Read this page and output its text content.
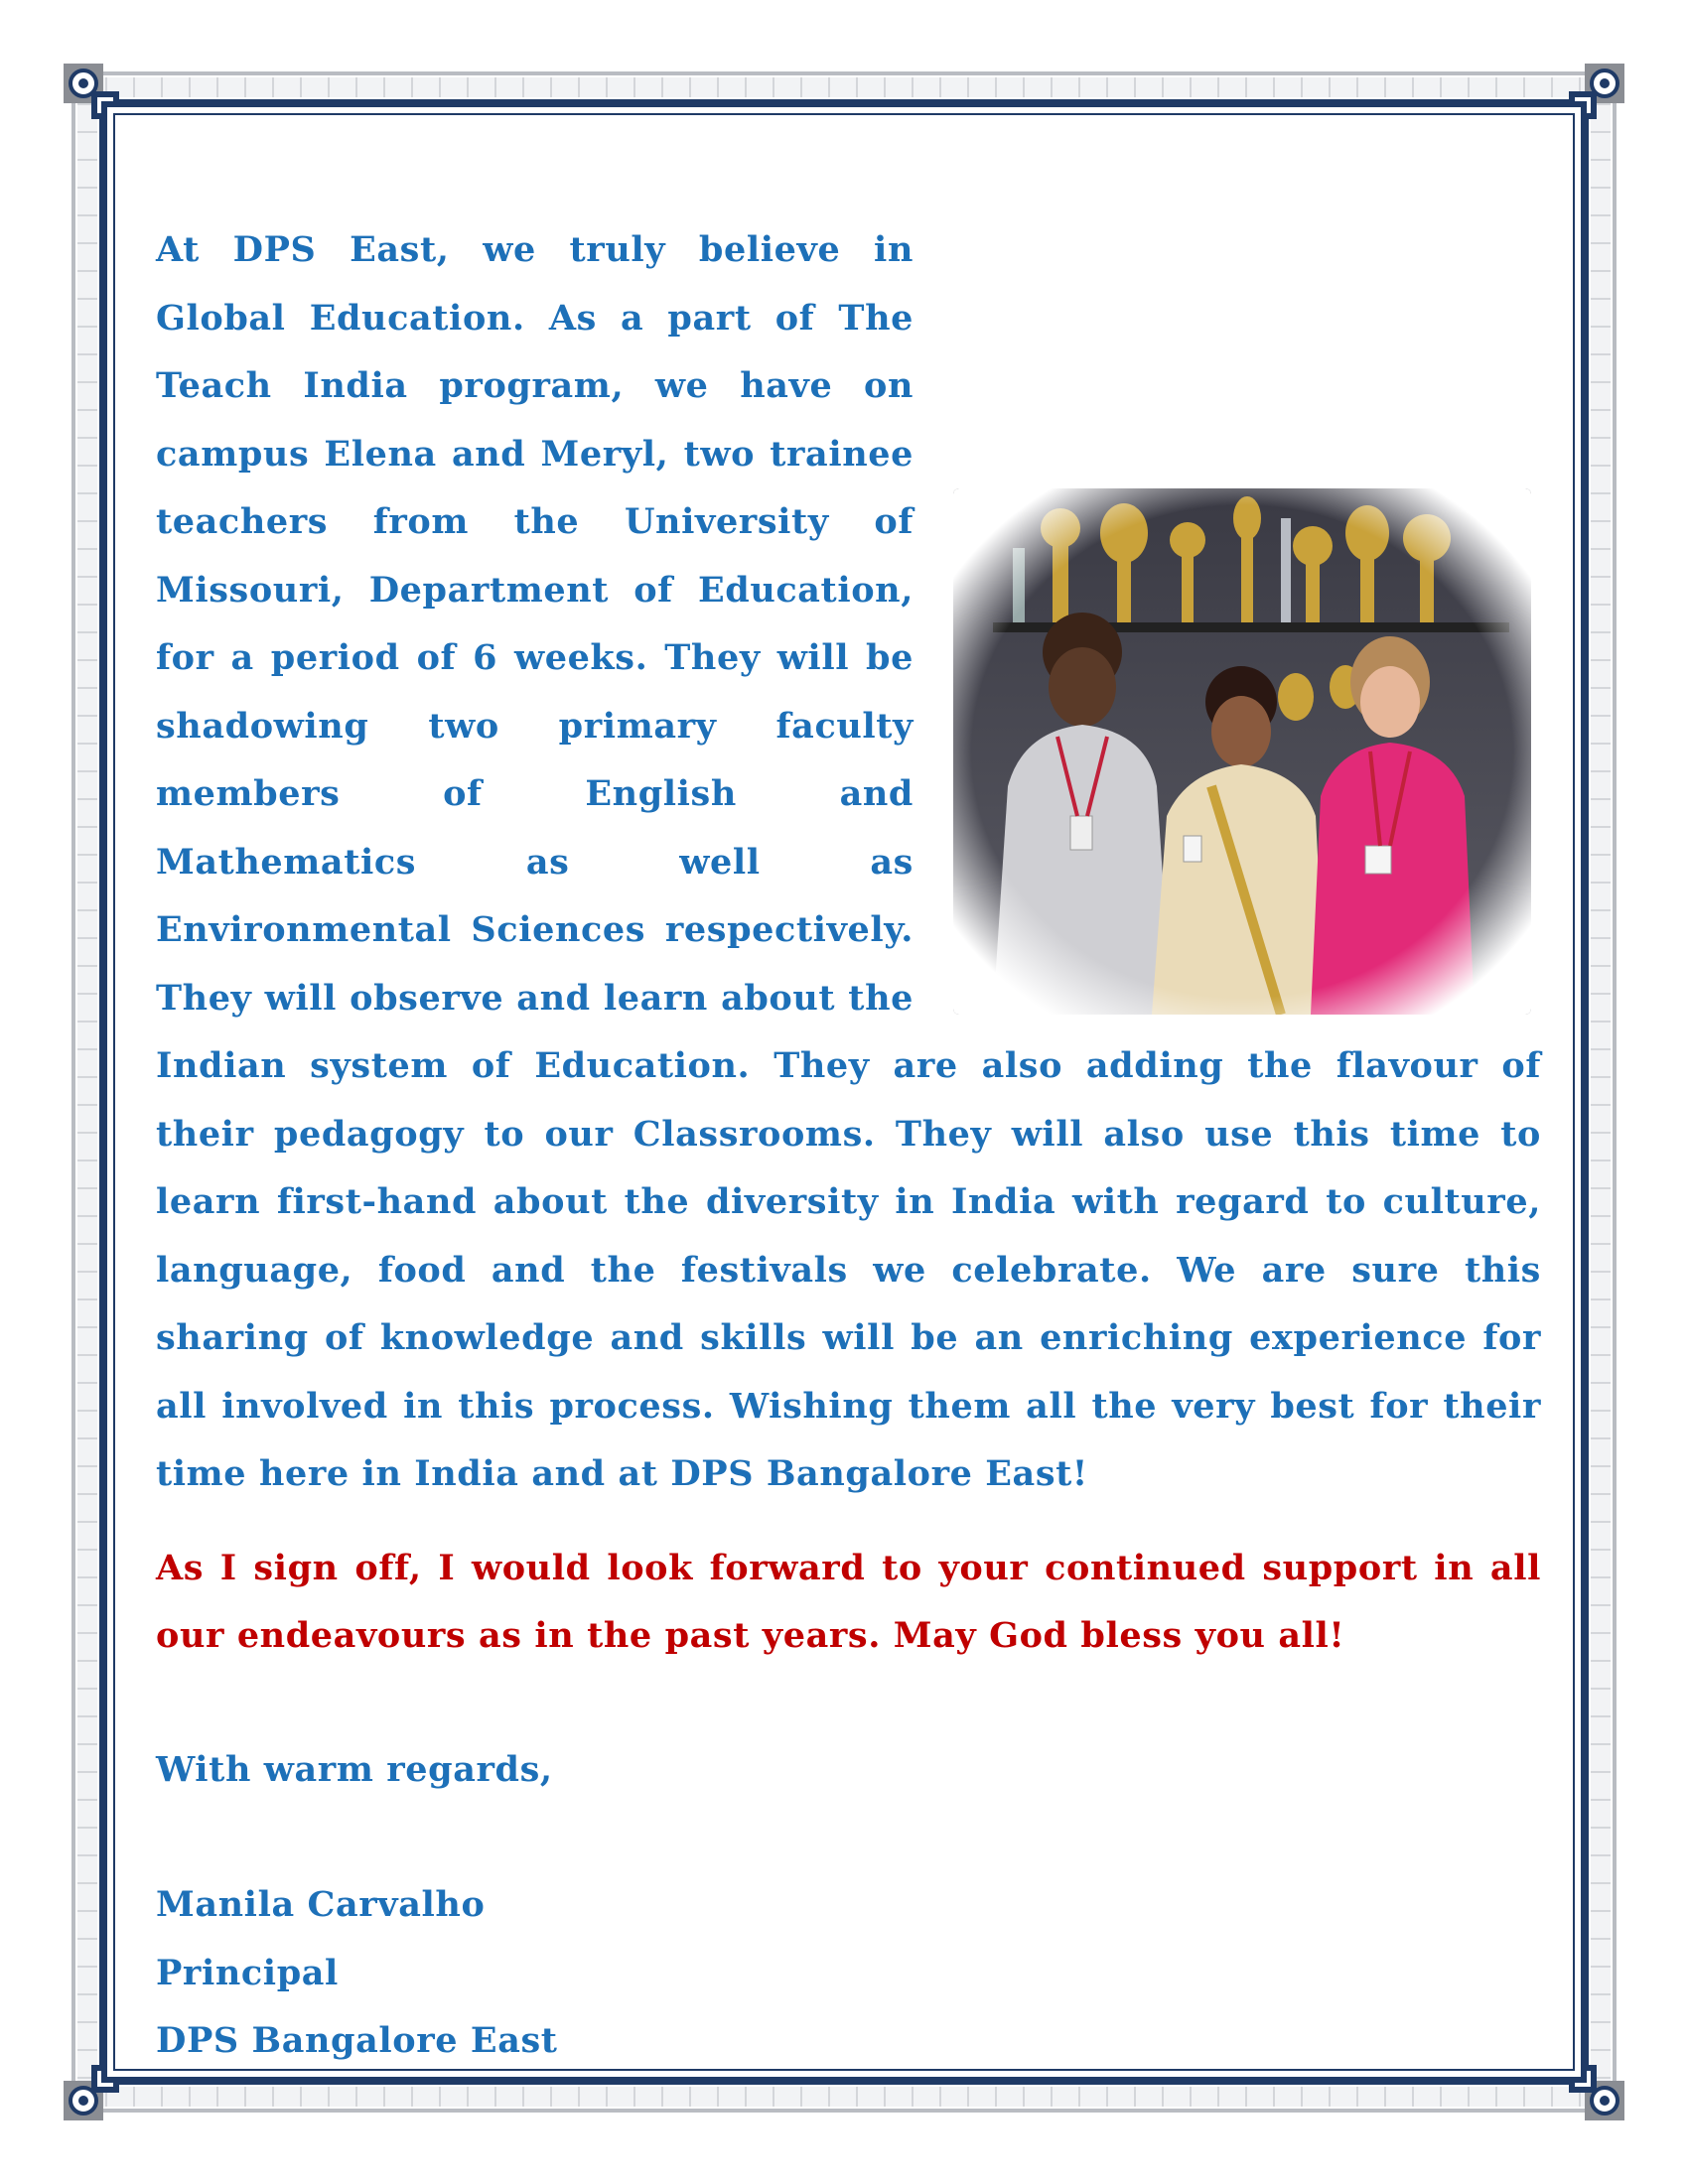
At DPS East, we truly believe in Global Education. As a part of The Teach India program, we have on campus Elena and Meryl, two trainee teachers from the University of Missouri, Department of Education, for a period of 6 weeks. They will be shadowing two primary faculty members of English and Mathematics as well as Environmental Sciences respectively. They will observe and learn about the Indian system of Education. They are also adding the flavour of their pedagogy to our Classrooms. They will also use this time to learn first-hand about the diversity in India with regard to culture, language, food and the festivals we celebrate. We are sure this sharing of knowledge and skills will be an enriching experience for all involved in this process. Wishing them all the very best for their time here in India and at DPS Bangalore East!

As I sign off, I would look forward to your continued support in all our endeavours as in the past years. May God bless you all!

With warm regards,
Manila Carvalho
Principal
DPS Bangalore East
